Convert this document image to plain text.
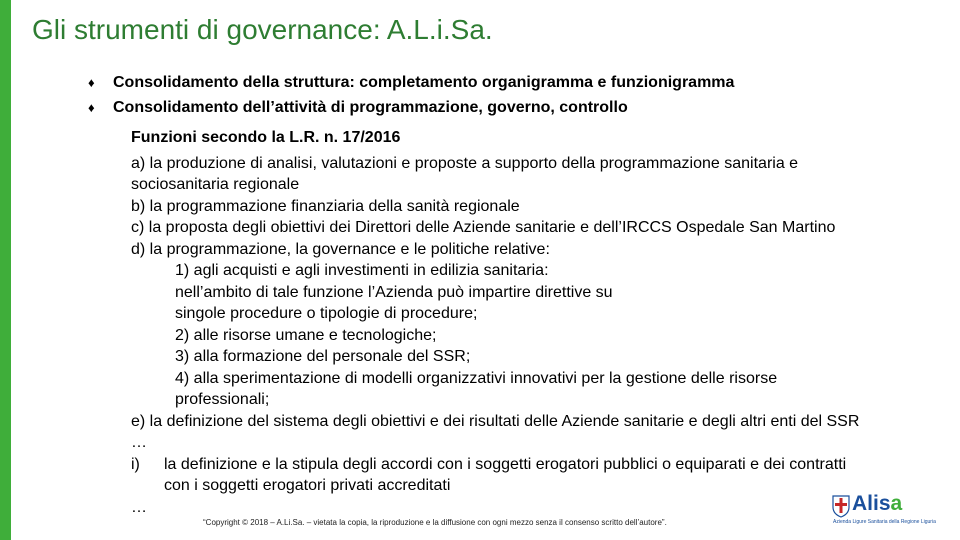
Gli strumenti di governance: A.L.i.Sa.
♦	Consolidamento della struttura: completamento organigramma e funzionigramma
♦	Consolidamento dell’attività di programmazione, governo, controllo
Funzioni secondo la L.R. n. 17/2016
a) la produzione di analisi, valutazioni e proposte a supporto della programmazione sanitaria e
sociosanitaria regionale
b) la programmazione finanziaria della sanità regionale
c) la proposta degli obiettivi dei Direttori delle Aziende sanitarie e dell’IRCCS Ospedale San Martino
d) la programmazione, la governance e le politiche relative:
1) agli acquisti e agli investimenti in edilizia sanitaria:
nell’ambito di tale funzione l’Azienda può impartire direttive su
singole procedure o tipologie di procedure;
2) alle risorse umane e tecnologiche;
3) alla formazione del personale del SSR;
4) alla sperimentazione di modelli organizzativi innovativi per la gestione delle risorse
professionali;
e) la definizione del sistema degli obiettivi e dei risultati delle Aziende sanitarie e degli altri enti del SSR
…
i)	la definizione e la stipula degli accordi con i soggetti erogatori pubblici o equiparati e dei contratti
con i soggetti erogatori privati accreditati
…
“Copyright © 2018 – A.Li.Sa. – vietata la copia, la riproduzione e la diffusione con ogni mezzo senza il consenso scritto dell’autore”.
Alisa
Azienda Ligure Sanitaria della Regione Liguria
